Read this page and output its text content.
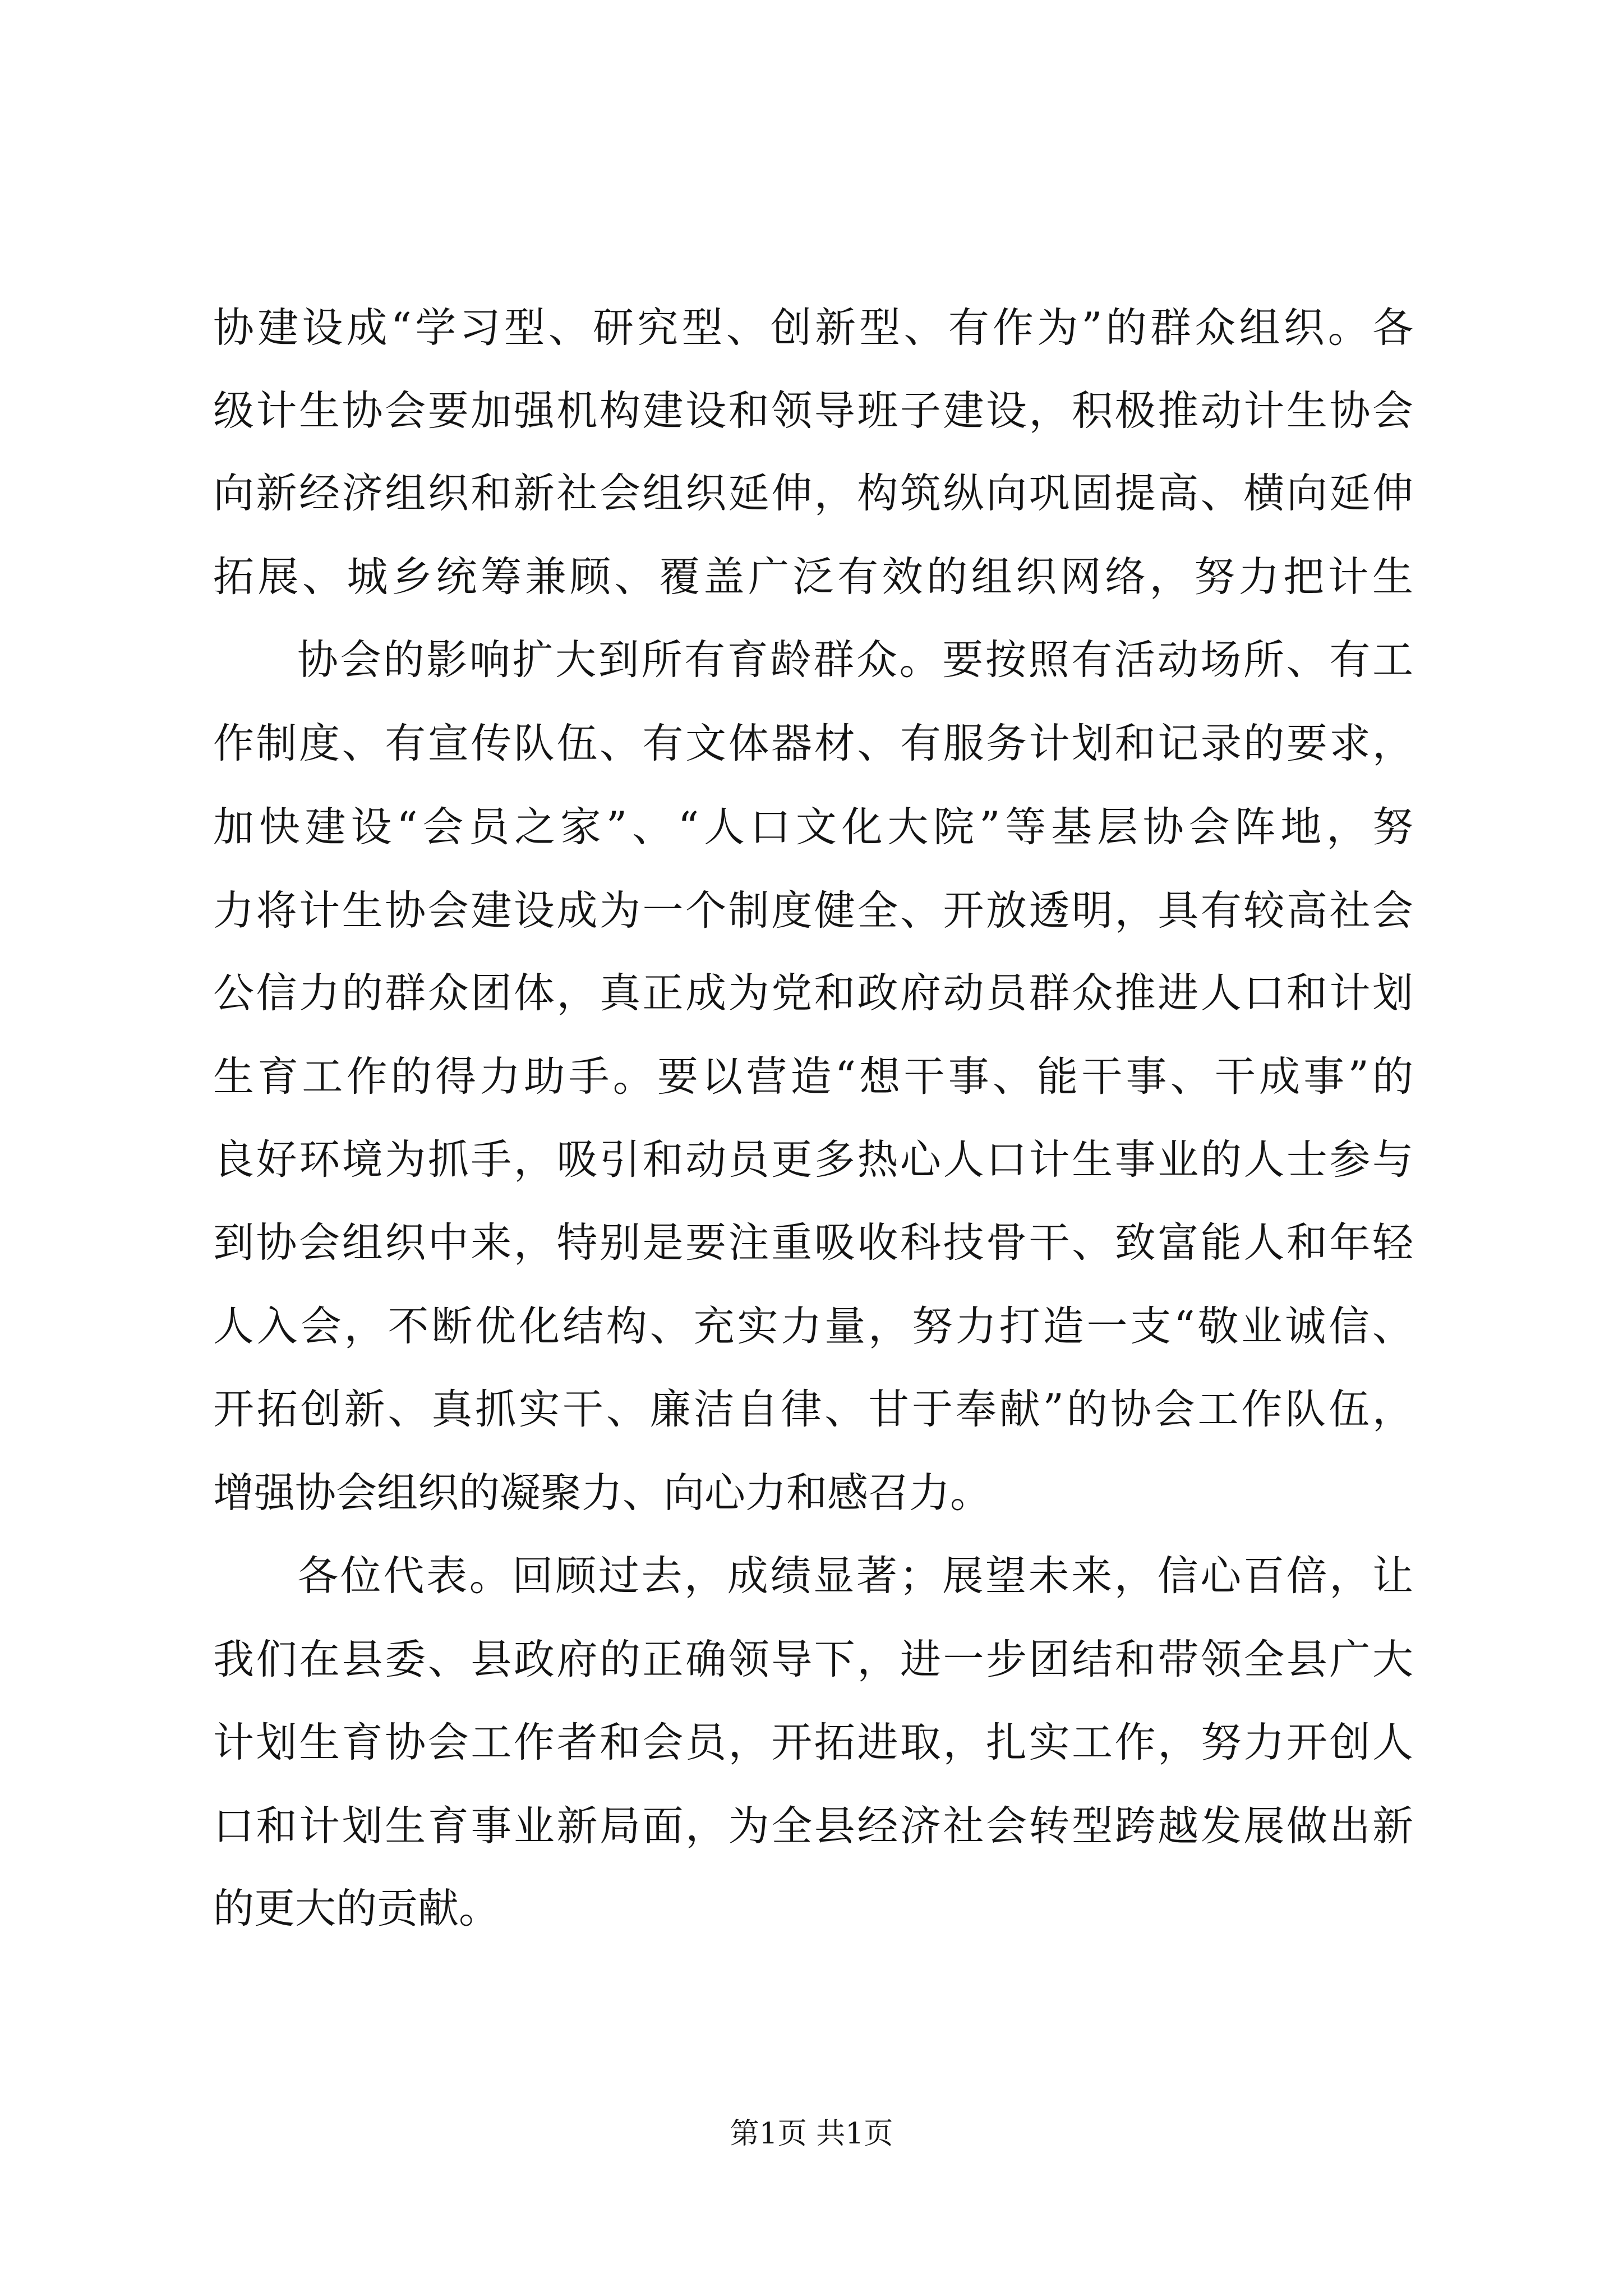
协建设成“学习型、研究型、创新型、有作为”的群众组织。各
级计生协会要加强机构建设和领导班子建设，积极推动计生协会
向新经济组织和新社会组织延伸，构筑纵向巩固提高、横向延伸
拓展、城乡统筹兼顾、覆盖广泛有效的组织网络，努力把计生
协会的影响扩大到所有育龄群众。要按照有活动场所、有工
作制度、有宣传队伍、有文体器材、有服务计划和记录的要求，
加快建设“会员之家”、“人口文化大院”等基层协会阵地，努
力将计生协会建设成为一个制度健全、开放透明，具有较高社会
公信力的群众团体，真正成为党和政府动员群众推进人口和计划
生育工作的得力助手。要以营造“想干事、能干事、干成事”的
良好环境为抓手，吸引和动员更多热心人口计生事业的人士参与
到协会组织中来，特别是要注重吸收科技骨干、致富能人和年轻
人入会，不断优化结构、充实力量，努力打造一支“敬业诚信、
开拓创新、真抓实干、廉洁自律、甘于奉献”的协会工作队伍，
增强协会组织的凝聚力、向心力和感召力。
各位代表。回顾过去，成绩显著；展望未来，信心百倍，让
我们在县委、县政府的正确领导下，进一步团结和带领全县广大
计划生育协会工作者和会员，开拓进取，扎实工作，努力开创人
口和计划生育事业新局面，为全县经济社会转型跨越发展做出新
的更大的贡献。
第1页 共1页
